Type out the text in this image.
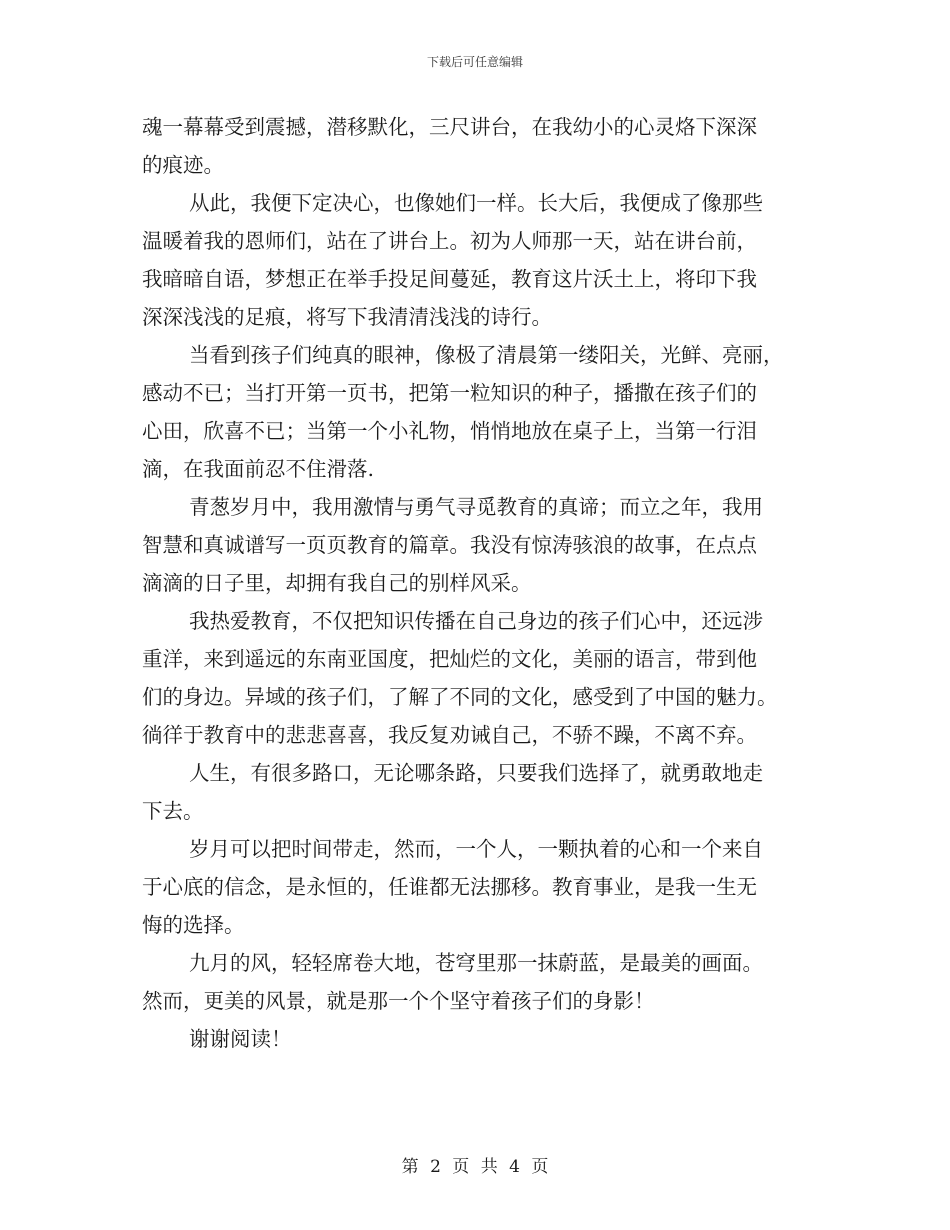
下载后可任意编辑
魂一幕幕受到震撼，潜移默化，三尺讲台，在我幼小的心灵烙下深深
的痕迹。
从此，我便下定决心，也像她们一样。长大后，我便成了像那些
温暖着我的恩师们，站在了讲台上。初为人师那一天，站在讲台前，
我暗暗自语，梦想正在举手投足间蔓延，教育这片沃土上，将印下我
深深浅浅的足痕，将写下我清清浅浅的诗行。
当看到孩子们纯真的眼神，像极了清晨第一缕阳关，光鲜、亮丽，
感动不已；当打开第一页书，把第一粒知识的种子，播撒在孩子们的
心田，欣喜不已；当第一个小礼物，悄悄地放在桌子上，当第一行泪
滴，在我面前忍不住滑落.
青葱岁月中，我用激情与勇气寻觅教育的真谛；而立之年，我用
智慧和真诚谱写一页页教育的篇章。我没有惊涛骇浪的故事，在点点
滴滴的日子里，却拥有我自己的别样风采。
我热爱教育，不仅把知识传播在自己身边的孩子们心中，还远涉
重洋，来到遥远的东南亚国度，把灿烂的文化，美丽的语言，带到他
们的身边。异域的孩子们，了解了不同的文化，感受到了中国的魅力。
徜徉于教育中的悲悲喜喜，我反复劝诫自己，不骄不躁，不离不弃。
人生，有很多路口，无论哪条路，只要我们选择了，就勇敢地走
下去。
岁月可以把时间带走，然而，一个人，一颗执着的心和一个来自
于心底的信念，是永恒的，任谁都无法挪移。教育事业，是我一生无
悔的选择。
九月的风，轻轻席卷大地，苍穹里那一抹蔚蓝，是最美的画面。
然而，更美的风景，就是那一个个坚守着孩子们的身影！
谢谢阅读！
第 2 页 共 4 页
